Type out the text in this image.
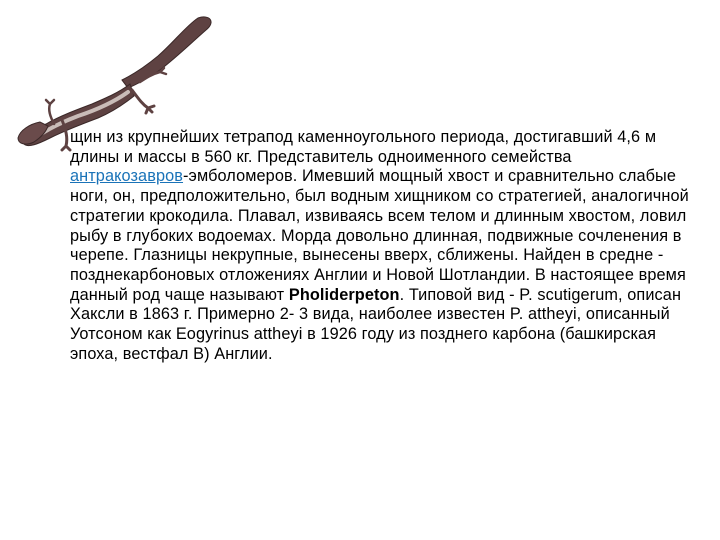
щин из крупнейших тетрапод каменноугольного периода, достигавший 4,6 м длины и массы в 560 кг. Представитель одноименного семейства антракозавров-эмболомеров. Имевший мощный хвост и сравнительно слабые ноги, он, предположительно, был водным хищником со стратегией, аналогичной стратегии крокодила. Плавал, извиваясь всем телом и длинным хвостом, ловил рыбу в глубоких водоемах. Морда довольно длинная, подвижные сочленения в черепе. Глазницы некрупные, вынесены вверх, сближены. Найден в средне - позднекарбоновых отложениях Англии и Новой Шотландии. В настоящее время данный род чаще называют Pholiderpeton. Типовой вид - P. scutigerum, описан Хаксли в 1863 г. Примерно 2- 3 вида, наиболее известен P. attheyi, описанный Уотсоном как Eogyrinus attheyi в 1926 году из позднего карбона (башкирская эпоха, вестфал B) Англии.
